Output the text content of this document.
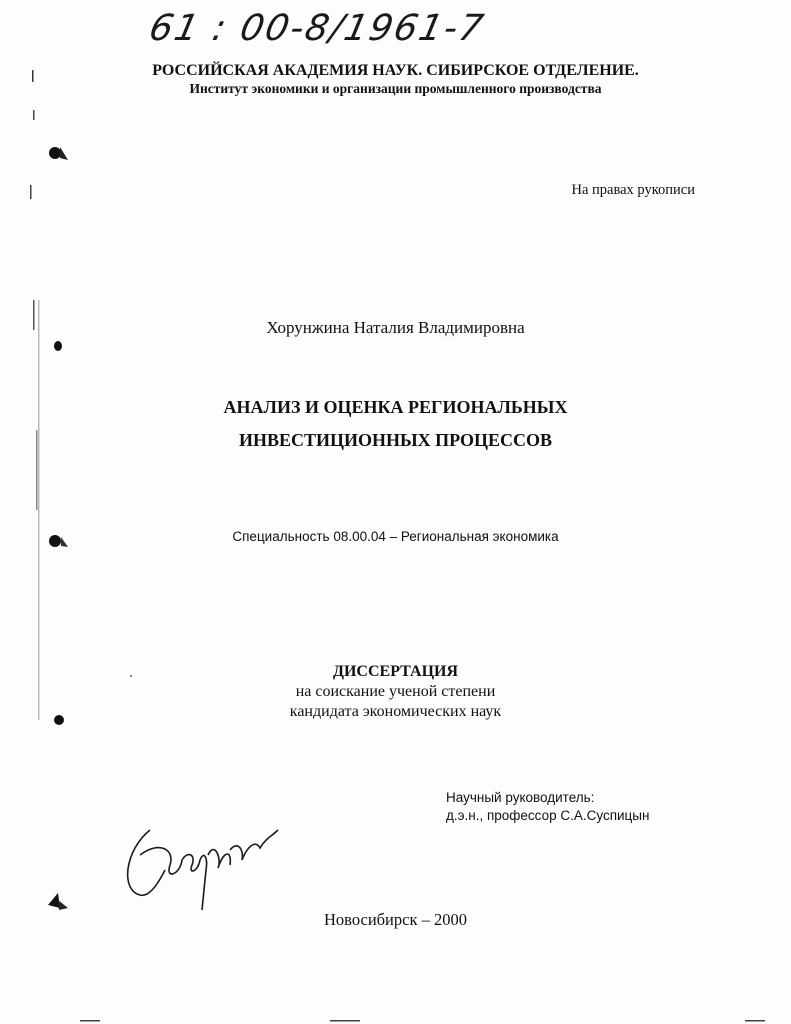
61 : 00-8/1961-7
РОССИЙСКАЯ АКАДЕМИЯ НАУК. СИБИРСКОЕ ОТДЕЛЕНИЕ.
Институт экономики и организации промышленного производства
На правах рукописи
Хорунжина Наталия Владимировна
АНАЛИЗ И ОЦЕНКА РЕГИОНАЛЬНЫХ
ИНВЕСТИЦИОННЫХ ПРОЦЕССОВ
Специальность 08.00.04 – Региональная экономика
ДИССЕРТАЦИЯ
на соискание ученой степени
кандидата экономических наук
Научный руководитель:
д.э.н., профессор С.А.Суспицын
Новосибирск – 2000
